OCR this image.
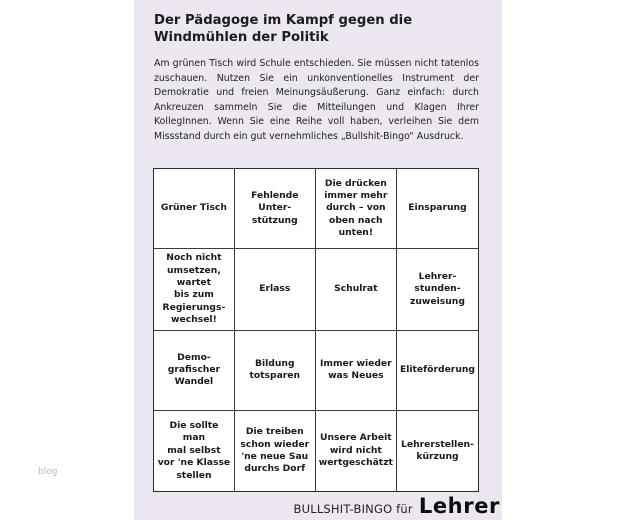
blog
Der Pädagoge im Kampf gegen die
Windmühlen der Politik

Am grünen Tisch wird Schule entschieden. Sie müssen nicht tatenlos zuschauen. Nutzen Sie ein unkonventionelles Instrument der Demokratie und freien Meinungsäußerung. Ganz einfach: durch Ankreuzen sammeln Sie die Mitteilungen und Klagen Ihrer KollegInnen. Wenn Sie eine Reihe voll haben, verleihen Sie dem Missstand durch ein gut vernehmliches „Bullshit-Bingo“ Ausdruck.

Grüner Tisch
Fehlende
Unter-
stützung
Die drücken
immer mehr
durch – von
oben nach
unten!
Einsparung
Noch nicht
umsetzen,
wartet
bis zum
Regierungs-
wechsel!
Erlass	Schulrat
Lehrer-
stunden-
zuweisung
Demo-
grafischer
Wandel
Bildung
totsparen
Immer wieder
was Neues
Eliteförderung
Die sollte man
mal selbst
vor 'ne Klasse
stellen
Die treiben
schon wieder
'ne neue Sau
durchs Dorf
Unsere Arbeit
wird nicht
wertgeschätzt
Lehrerstellen-
kürzung
BULLSHIT-BINGO für Lehrer
